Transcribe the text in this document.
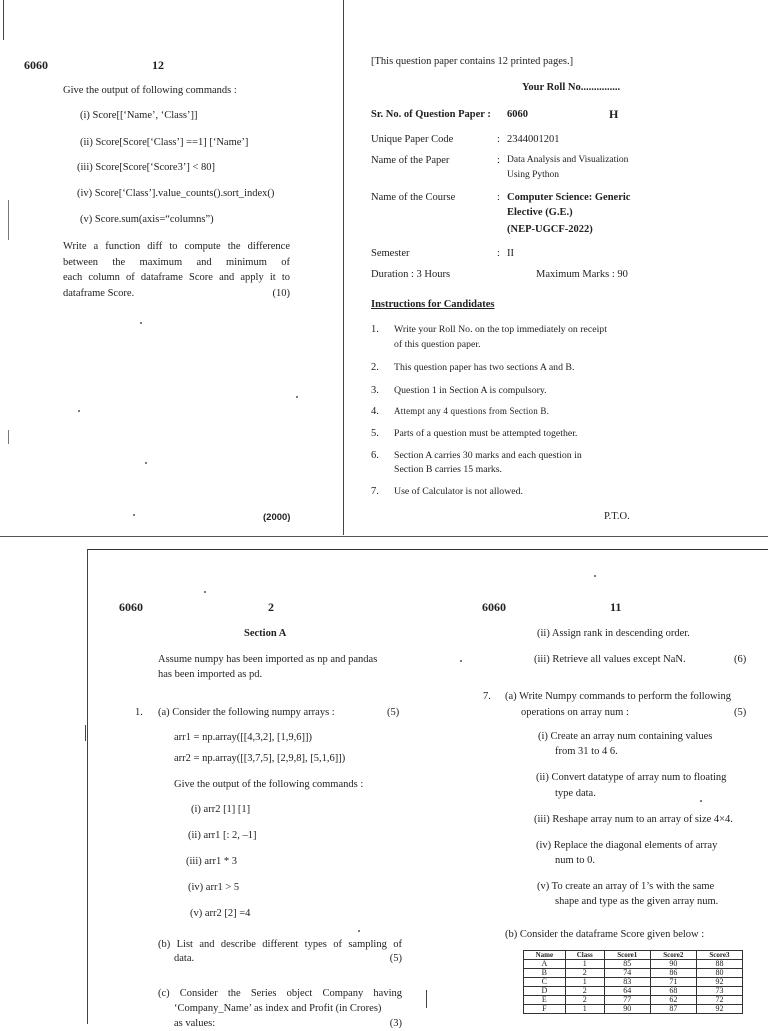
6060	12
Give the output of following commands :
(i) Score[[‘Name’, ‘Class’]]
(ii) Score[Score[‘Class’] ==1] [‘Name’]
(iii) Score[Score[‘Score3’] < 80]
(iv) Score[‘Class’].value_counts().sort_index()
(v) Score.sum(axis=“columns”)
Write a function diff to compute the difference
between the maximum and minimum of
each column of dataframe Score and apply it to
dataframe Score.	(10)
(2000)
[This question paper contains 12 printed pages.]
Your Roll No...............
Sr. No. of Question Paper : 6060	H
Unique Paper Code	: 2344001201
Name of the Paper	: Data Analysis and Visualization
Using Python
Name of the Course	: Computer Science: Generic
Elective (G.E.)
(NEP-UGCF-2022)
Semester	: II
Duration : 3 Hours	Maximum Marks : 90
Instructions for Candidates
1. Write your Roll No. on the top immediately on receipt
of this question paper.
2. This question paper has two sections A and B.
3. Question 1 in Section A is compulsory.
4. Attempt any 4 questions from Section B.
5. Parts of a question must be attempted together.
6. Section A carries 30 marks and each question in
Section B carries 15 marks.
7. Use of Calculator is not allowed.
P.T.O.
6060	2
Section A
Assume numpy has been imported as np and pandas
has been imported as pd.
1. (a) Consider the following numpy arrays :	(5)
arr1 = np.array([[4,3,2], [1,9,6]])
arr2 = np.array([[3,7,5], [2,9,8], [5,1,6]])
Give the output of the following commands :
(i) arr2 [1] [1]
(ii) arr1 [: 2, –1]
(iii) arr1 * 3
(iv) arr1 > 5
(v) arr2 [2] =4
(b) List and describe different types of sampling of
data.	(5)
(c) Consider the Series object Company having
‘Company_Name’ as index and Profit (in Crores)
as values:	(3)
6060	11
(ii) Assign rank in descending order.
(iii) Retrieve all values except NaN.	(6)
7. (a) Write Numpy commands to perform the following
operations on array num :	(5)
(i) Create an array num containing values
from 31 to 4 6.
(ii) Convert datatype of array num to floating
type data.
(iii) Reshape array num to an array of size 4×4.
(iv) Replace the diagonal elements of array
num to 0.
(v) To create an array of 1’s with the same
shape and type as the given array num.
(b) Consider the dataframe Score given below :
Name	Class	Score1	Score2	Score3
A	1	85	90	88
B	2	74	86	80
C	1	83	71	92
D	2	64	68	73
E	2	77	62	72
F	1	90	87	92
